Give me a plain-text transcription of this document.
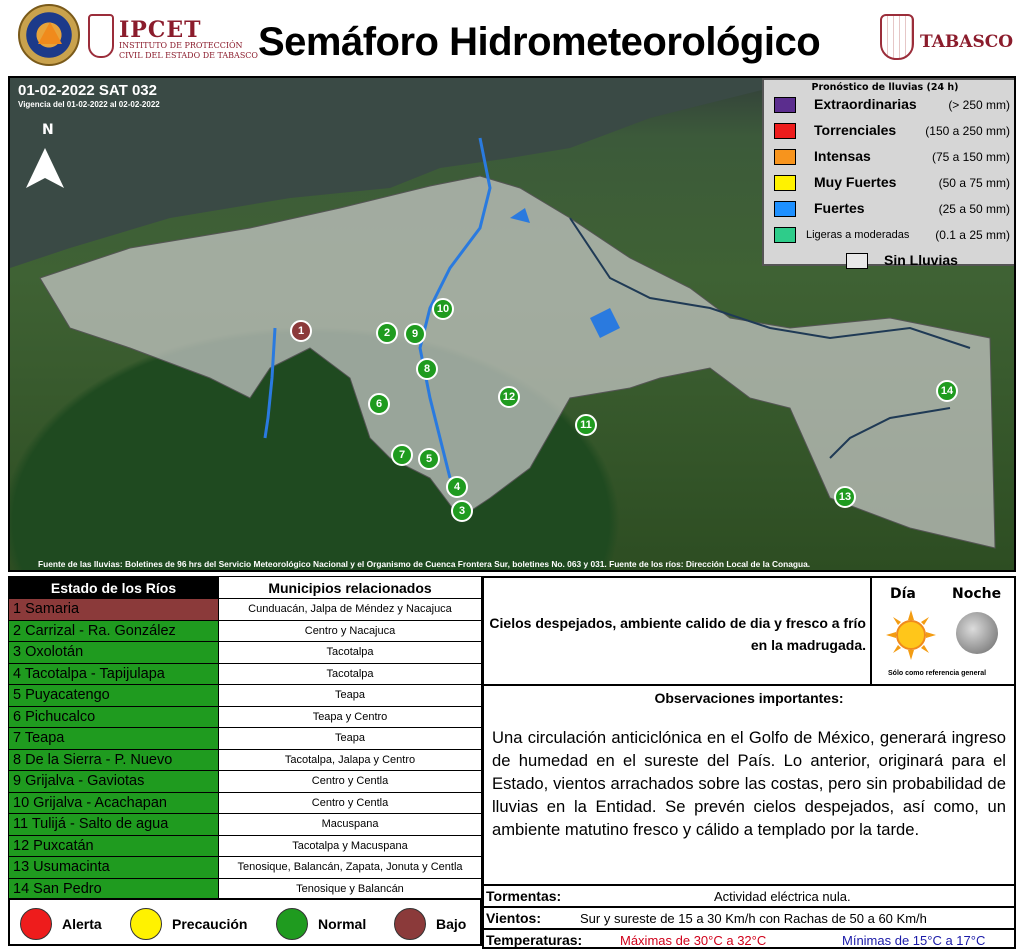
IPCET
INSTITUTO DE PROTECCIÓN CIVIL DEL ESTADO DE TABASCO Semáforo Hidrometeorológico	TABASCO
01-02-2022 SAT 032
Vigencia del 01-02-2022 al 02-02-2022
N
1	2
3
4
5
6
7
8
9
10
11
12
13
14
Pronóstico de lluvias (24 h)
Extraordinarias	(> 250 mm)
Torrenciales (150 a 250 mm)
Intensas	(75 a 150 mm)
Muy Fuertes	(50 a 75 mm)
Fuertes	(25 a 50 mm)
Ligeras a moderadas (0.1 a 25 mm)
Sin Lluvias
Fuente de las lluvias: Boletines de 96 hrs del Servicio Meteorológico Nacional y el Organismo de Cuenca Frontera Sur, boletines No. 063 y 031. Fuente de los ríos: Dirección Local de la Conagua.
Estado de los Ríos	Municipios relacionados
1 Samaria	Cunduacán, Jalpa de Méndez y Nacajuca
2 Carrizal - Ra. González	Centro y Nacajuca
3 Oxolotán	Tacotalpa
4 Tacotalpa - Tapijulapa	Tacotalpa
5 Puyacatengo	Teapa
6 Pichucalco	Teapa y Centro
7 Teapa	Teapa
8 De la Sierra - P. Nuevo	Tacotalpa, Jalapa y Centro
9 Grijalva - Gaviotas	Centro y Centla
10 Grijalva - Acachapan	Centro y Centla
11 Tulijá - Salto de agua	Macuspana
12 Puxcatán	Tacotalpa y Macuspana
13 Usumacinta	Tenosique, Balancán, Zapata, Jonuta y Centla
14 San Pedro	Tenosique y Balancán
Alerta	Precaución	Normal	Bajo
Cielos despejados, ambiente calido de dia y fresco a frío en la madrugada.
Día	Noche
Sólo como referencia general
Observaciones importantes:
Una circulación anticiclónica en el Golfo de México, generará ingreso de humedad en el sureste del País. Lo anterior, originará para el Estado, vientos arrachados sobre las costas, pero sin probabilidad de lluvias en la Entidad. Se prevén cielos despejados, así como, un ambiente matutino fresco y cálido a templado por la tarde.
Tormentas:	Actividad eléctrica nula.
Vientos:	Sur y sureste de 15 a 30 Km/h con Rachas de 50 a 60 Km/h
Temperaturas:	Máximas de 30°C a 32°C	Mínimas de 15°C a 17°C
